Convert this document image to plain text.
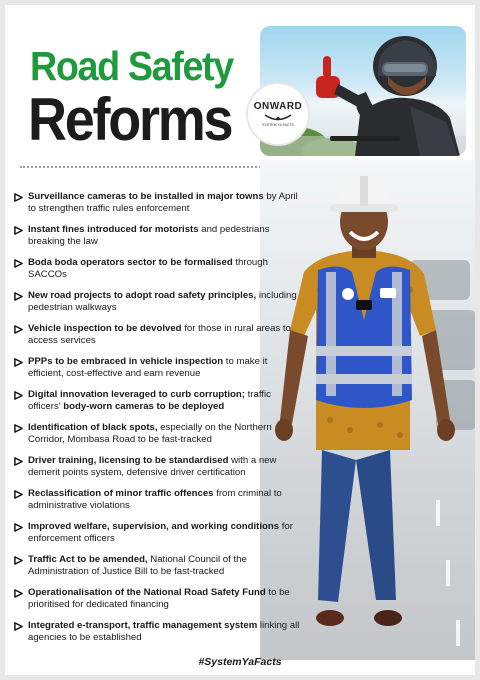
Road Safety
Reforms ONWARD
SYSTEM YA FACTS
Surveillance cameras to be installed in major towns by April to strengthen traffic rules enforcement
Instant fines introduced for motorists and pedestrians breaking the law
Boda boda operators sector to be formalised through SACCOs
New road projects to adopt road safety principles, including pedestrian walkways
Vehicle inspection to be devolved for those in rural areas to access services
PPPs to be embraced in vehicle inspection to make it efficient, cost-effective and earn revenue
Digital innovation leveraged to curb corruption; traffic officers' body-worn cameras to be deployed
Identification of black spots, especially on the Northern Corridor, Mombasa Road to be fast-tracked
Driver training, licensing to be standardised with a new demerit points system, defensive driver certification
Reclassification of minor traffic offences from criminal to administrative violations
Improved welfare, supervision, and working conditions for enforcement officers
Traffic Act to be amended, National Council of the Administration of Justice Bill to be fast-tracked
Operationalisation of the National Road Safety Fund to be prioritised for dedicated financing
Integrated e-transport, traffic management system linking all agencies to be established
#SystemYaFacts
